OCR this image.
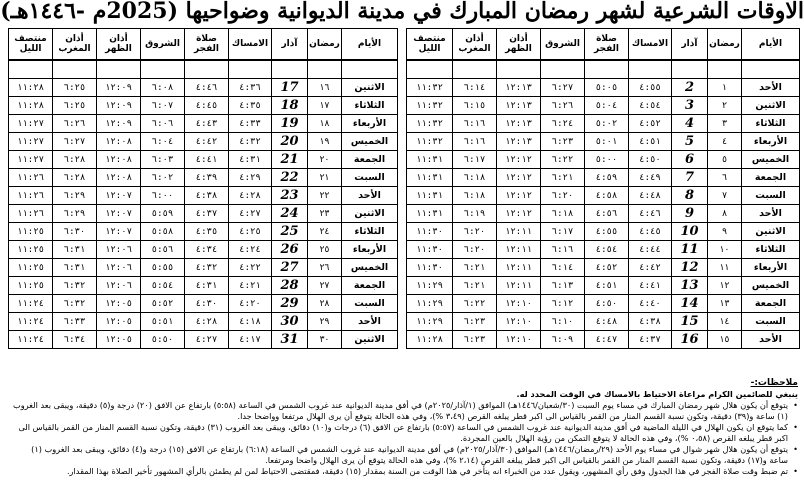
الاوقات الشرعية لشهر رمضان المبارك في مدينة الديوانية وضواحيها (2025م -١٤٤٦هـ)
الأيام	رمضان	آذار	الامساك	صلاة الفجر	الشروق	أذان الظهر	أذان المغرب	منتصف الليل

الأحد	١	2	٤:٥٥	٥:٠٥	٦:٢٧	١٢:١٣	٦:١٤	١١:٣٢
الاثنين	٢	3	٤:٥٤	٥:٠٤	٦:٢٦	١٢:١٣	٦:١٥	١١:٣٢
الثلاثاء	٣	4	٤:٥٢	٥:٠٢	٦:٢٤	١٢:١٣	٦:١٦	١١:٣٢
الأربعاء	٤	5	٤:٥١	٥:٠١	٦:٢٣	١٢:١٣	٦:١٦	١١:٣٢
الخميس	٥	6	٤:٥٠	٥:٠٠	٦:٢٢	١٢:١٢	٦:١٧	١١:٣١
الجمعة	٦	7	٤:٤٩	٤:٥٩	٦:٢١	١٢:١٢	٦:١٨	١١:٣١
السبت	٧	8	٤:٤٨	٤:٥٨	٦:٢٠	١٢:١٢	٦:١٨	١١:٣١
الأحد	٨	9	٤:٤٦	٤:٥٦	٦:١٨	١٢:١٢	٦:١٩	١١:٣١
الاثنين	٩	10	٤:٤٥	٤:٥٥	٦:١٧	١٢:١١	٦:٢٠	١١:٣٠
الثلاثاء	١٠	11	٤:٤٤	٤:٥٤	٦:١٦	١٢:١١	٦:٢٠	١١:٣٠
الأربعاء	١١	12	٤:٤٢	٤:٥٢	٦:١٤	١٢:١١	٦:٢١	١١:٣٠
الخميس	١٢	13	٤:٤١	٤:٥١	٦:١٣	١٢:١١	٦:٢١	١١:٢٩
الجمعة	١٣	14	٤:٤٠	٤:٥٠	٦:١٢	١٢:١٠	٦:٢٢	١١:٢٩
السبت	١٤	15	٤:٣٨	٤:٤٨	٦:١٠	١٢:١٠	٦:٢٣	١١:٢٩
الأحد	١٥	16	٤:٣٧	٤:٤٧	٦:٠٩	١٢:١٠	٦:٢٣	١١:٢٨
الأيام	رمضان	آذار	الامساك	صلاة الفجر	الشروق	أذان الظهر	أذان المغرب	منتصف الليل

الاثنين	١٦	17	٤:٣٦	٤:٤٦	٦:٠٨	١٢:٠٩	٦:٢٥	١١:٢٨
الثلاثاء	١٧	18	٤:٣٥	٤:٤٥	٦:٠٧	١٢:٠٩	٦:٢٥	١١:٢٨
الأربعاء	١٨	19	٤:٣٣	٤:٤٣	٦:٠٦	١٢:٠٩	٦:٢٦	١١:٢٧
الخميس	١٩	20	٤:٣٢	٤:٤٢	٦:٠٤	١٢:٠٨	٦:٢٧	١١:٢٧
الجمعة	٢٠	21	٤:٣١	٤:٤١	٦:٠٣	١٢:٠٨	٦:٢٨	١١:٢٧
السبت	٢١	22	٤:٢٩	٤:٣٩	٦:٠٢	١٢:٠٨	٦:٢٨	١١:٢٦
الأحد	٢٢	23	٤:٢٨	٤:٣٨	٦:٠٠	١٢:٠٧	٦:٢٩	١١:٢٦
الاثنين	٢٣	24	٤:٢٧	٤:٣٧	٥:٥٩	١٢:٠٧	٦:٢٩	١١:٢٦
الثلاثاء	٢٤	25	٤:٢٥	٤:٣٥	٥:٥٨	١٢:٠٧	٦:٣٠	١١:٢٥
الأربعاء	٢٥	26	٤:٢٤	٤:٣٤	٥:٥٦	١٢:٠٦	٦:٣١	١١:٢٥
الخميس	٢٦	27	٤:٢٢	٤:٣٢	٥:٥٥	١٢:٠٦	٦:٣١	١١:٢٥
الجمعة	٢٧	28	٤:٢١	٤:٣١	٥:٥٤	١٢:٠٦	٦:٣٢	١١:٢٥
السبت	٢٨	29	٤:٢٠	٤:٣٠	٥:٥٢	١٢:٠٥	٦:٣٢	١١:٢٤
الأحد	٢٩	30	٤:١٨	٤:٢٨	٥:٥١	١٢:٠٥	٦:٣٣	١١:٢٤
الاثنين	٣٠	31	٤:١٧	٤:٢٧	٥:٥٠	١٢:٠٥	٦:٣٤	١١:٢٤
ملاحظات:-

ينبغي للصائمين الكرام مراعاة الاحتياط بالامساك في الوقت المحدد له.

• يتوقع أن يكون هلال شهر رمضان المبارك في مساء يوم السبت (٣٠/شعبان/١٤٤٦هـ) الموافق (١/آذار/٢٠٢٥م) في أفق مدينة الديوانية عند غروب الشمس في الساعة (٥:٥٨) بارتفاع عن الافق (٢٠) درجة و(٥) دقيقة، ويبقى بعد الغروب (١) ساعة و(٣٩) دقيقة، وتكون نسبة القسم المنار من القمر بالقياس الى اكبر قطر يبلغه القرص (٣،٤٩ %)، وفي هذه الحالة يتوقع أن يرى الهلال مرتفعا وواضحا جدا.

• كما يتوقع ان يكون الهلال في الليلة الماضية في أفق مدينة الديوانية عند غروب الشمس في الساعة (٥:٥٧) بارتفاع عن الافق (٦) درجات و(١٠) دقائق، ويبقى بعد الغروب (٣١) دقيقة، وتكون نسبة القسم المنار من القمر بالقياس الى اكبر قطر يبلغه القرص (٠،٥٨ %)، وفي هذه الحالة لا يتوقع التمكن من رؤية الهلال بالعين المجردة.

• يتوقع أن يكون هلال شهر شوال في مساء يوم الأحد (٢٩/رمضان/١٤٤٦هـ) الموافق (٣٠/آذار/٢٠٢٥م) في أفق مدينة الديوانية عند غروب الشمس في الساعة (٦:١٨) بارتفاع عن الافق (١٥) درجة و(٤) دقائق، ويبقى بعد الغروب (١) ساعة و(١٧) دقيقة، وتكون نسبة القسم المنار من القمر بالقياس الى اكبر قطر يبلغه القرص (٢،١٤ %)، وفي هذه الحالة يتوقع أن يرى الهلال واضحا ومرتفعا.

• تم ضبط وقت صلاة الفجر في هذا الجدول وفق رأي المشهور، ويقول عدد من الخبراء انه يتأخر في هذا الوقت من السنة بمقدار (١٥) دقيقة، فمقتضى الاحتياط لمن لم يطمئن بالرأي المشهور تأخير الصلاة بهذا المقدار.
